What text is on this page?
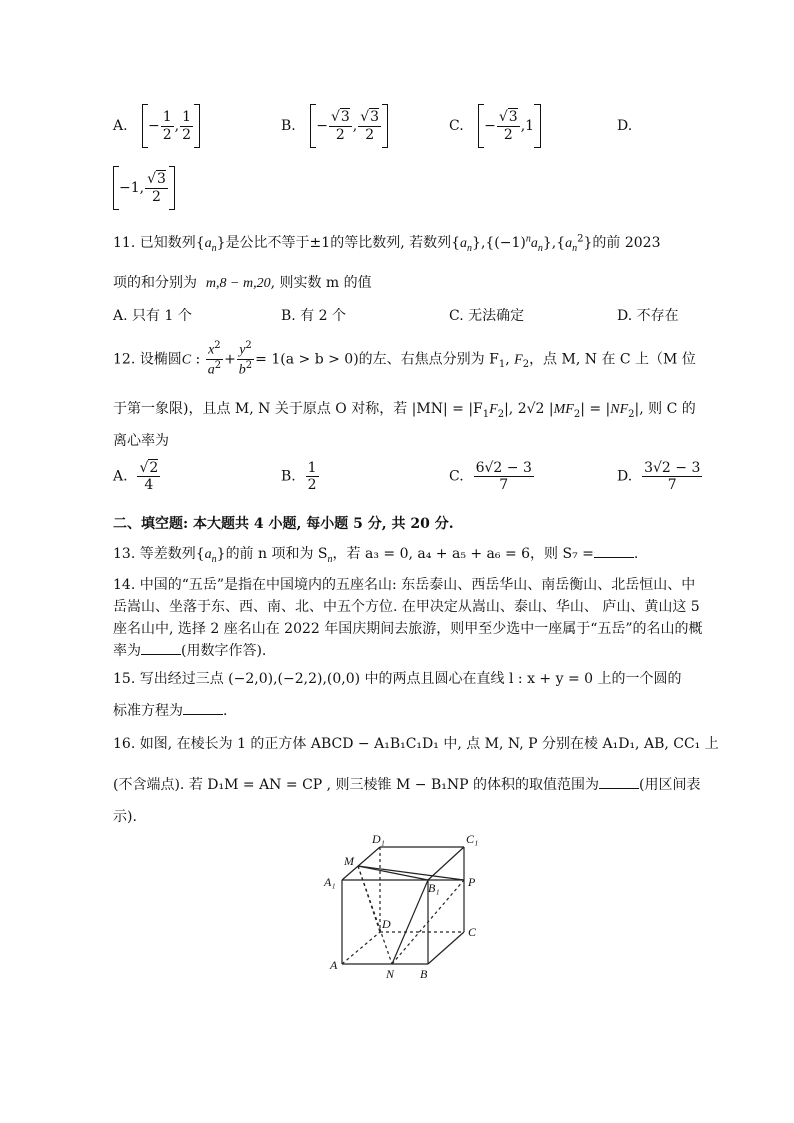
A. − $\frac{1}{2}$ , $\frac{1}{2}$	B. − $\frac{√3}{2}$ , $\frac{√3}{2}$	C. − $\frac{√3}{2}$ , 1	D.
−1, $\frac{√3}{2}$
11. 已知数列$\{a_n\}$是公比不等于±1的等比数列, 若数列$\{a_n\},\{(-1)^na_n\},\{a_n^2\}$的前 2023
项的和分别为 m,8 − m,20, 则实数 m 的值
A. 只有 1 个	B. 有 2 个	C. 无法确定	D. 不存在
12. 设椭圆C : $\frac{x^2}{a^2} + \frac{y^2}{b^2} = 1(a > b > 0)$的左、右焦点分别为 $F_1$, $F_2$，点 M, N 在 C 上（M 位
于第一象限)，且点 M, N 关于原点 O 对称，若 $|MN| = |F_1F_2|$, 2√2 $|MF_2| = |NF_2|$, 则 C 的
离心率为
A. $\frac{√2}{4}$	B. $\frac{1}{2}$	C. $\frac{6√2 - 3}{7}$	D. $\frac{3√2 - 3}{7}$
二、填空题: 本大题共 4 小题, 每小题 5 分, 共 20 分.
13. 等差数列$\{a_n\}$的前 n 项和为 $S_n$，若 a₃ = 0, a₄ + a₅ + a₆ = 6，则 S₇ =	.
14. 中国的“五岳”是指在中国境内的五座名山: 东岳泰山、西岳华山、南岳衡山、北岳恒山、中岳嵩山、坐落于东、西、南、北、中五个方位. 在甲决定从嵩山、泰山、华山、 庐山、黄山这 5 座名山中, 选择 2 座名山在 2022 年国庆期间去旅游，则甲至少选中一座属于“五岳”的名山的概率为	(用数字作答).
15. 写出经过三点 (−2,0),(−2,2),(0,0) 中的两点且圆心在直线 l : x + y = 0 上的一个圆的
标准方程为	.
16. 如图, 在棱长为 1 的正方体 ABCD − A₁B₁C₁D₁ 中, 点 M, N, P 分别在棱 A₁D₁, AB, CC₁ 上
(不含端点). 若 D₁M = AN = CP , 则三棱锥 M − B₁NP 的体积的取值范围为	(用区间表
示).
D₁	C₁
M
A₁	B₁ P
D
C
A
N B
